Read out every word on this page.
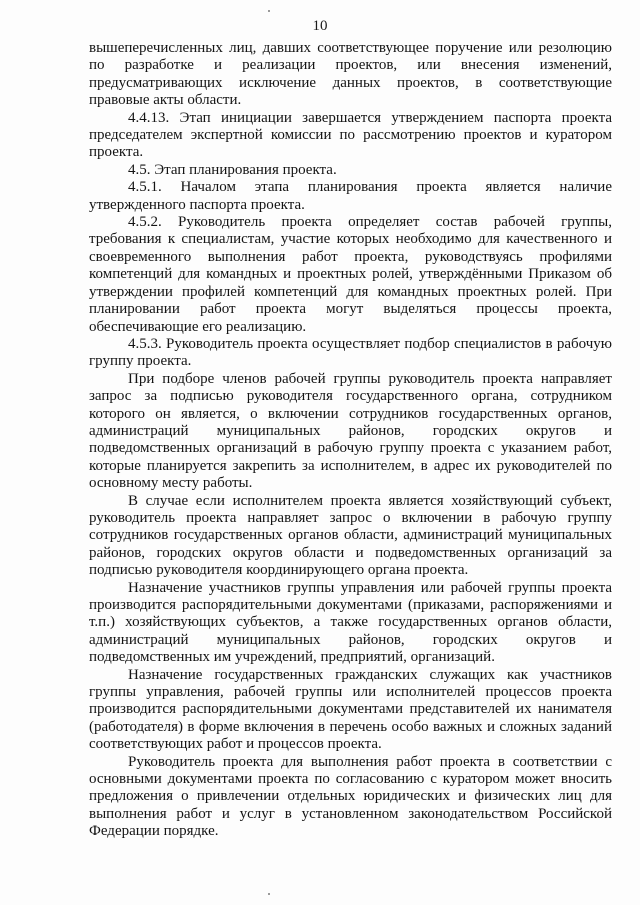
10

вышеперечисленных лиц, давших соответствующее поручение или резолюцию по разработке и реализации проектов, или внесения изменений, предусматривающих исключение данных проектов, в соответствующие правовые акты области.

4.4.13. Этап инициации завершается утверждением паспорта проекта председателем экспертной комиссии по рассмотрению проектов и куратором проекта.

4.5. Этап планирования проекта.

4.5.1. Началом этапа планирования проекта является наличие утвержденного паспорта проекта.

4.5.2. Руководитель проекта определяет состав рабочей группы, требования к специалистам, участие которых необходимо для качественного и своевременного выполнения работ проекта, руководствуясь профилями компетенций для командных и проектных ролей, утверждёнными Приказом об утверждении профилей компетенций для командных проектных ролей. При планировании работ проекта могут выделяться процессы проекта, обеспечивающие его реализацию.

4.5.3. Руководитель проекта осуществляет подбор специалистов в рабочую группу проекта.

При подборе членов рабочей группы руководитель проекта направляет запрос за подписью руководителя государственного органа, сотрудником которого он является, о включении сотрудников государственных органов, администраций муниципальных районов, городских округов и подведомственных организаций в рабочую группу проекта с указанием работ, которые планируется закрепить за исполнителем, в адрес их руководителей по основному месту работы.

В случае если исполнителем проекта является хозяйствующий субъект, руководитель проекта направляет запрос о включении в рабочую группу сотрудников государственных органов области, администраций муниципальных районов, городских округов области и подведомственных организаций за подписью руководителя координирующего органа проекта.

Назначение участников группы управления или рабочей группы проекта производится распорядительными документами (приказами, распоряжениями и т.п.) хозяйствующих субъектов, а также государственных органов области, администраций муниципальных районов, городских округов и подведомственных им учреждений, предприятий, организаций.

Назначение государственных гражданских служащих как участников группы управления, рабочей группы или исполнителей процессов проекта производится распорядительными документами представителей их нанимателя (работодателя) в форме включения в перечень особо важных и сложных заданий соответствующих работ и процессов проекта.

Руководитель проекта для выполнения работ проекта в соответствии с основными документами проекта по согласованию с куратором может вносить предложения о привлечении отдельных юридических и физических лиц для выполнения работ и услуг в установленном законодательством Российской Федерации порядке.
